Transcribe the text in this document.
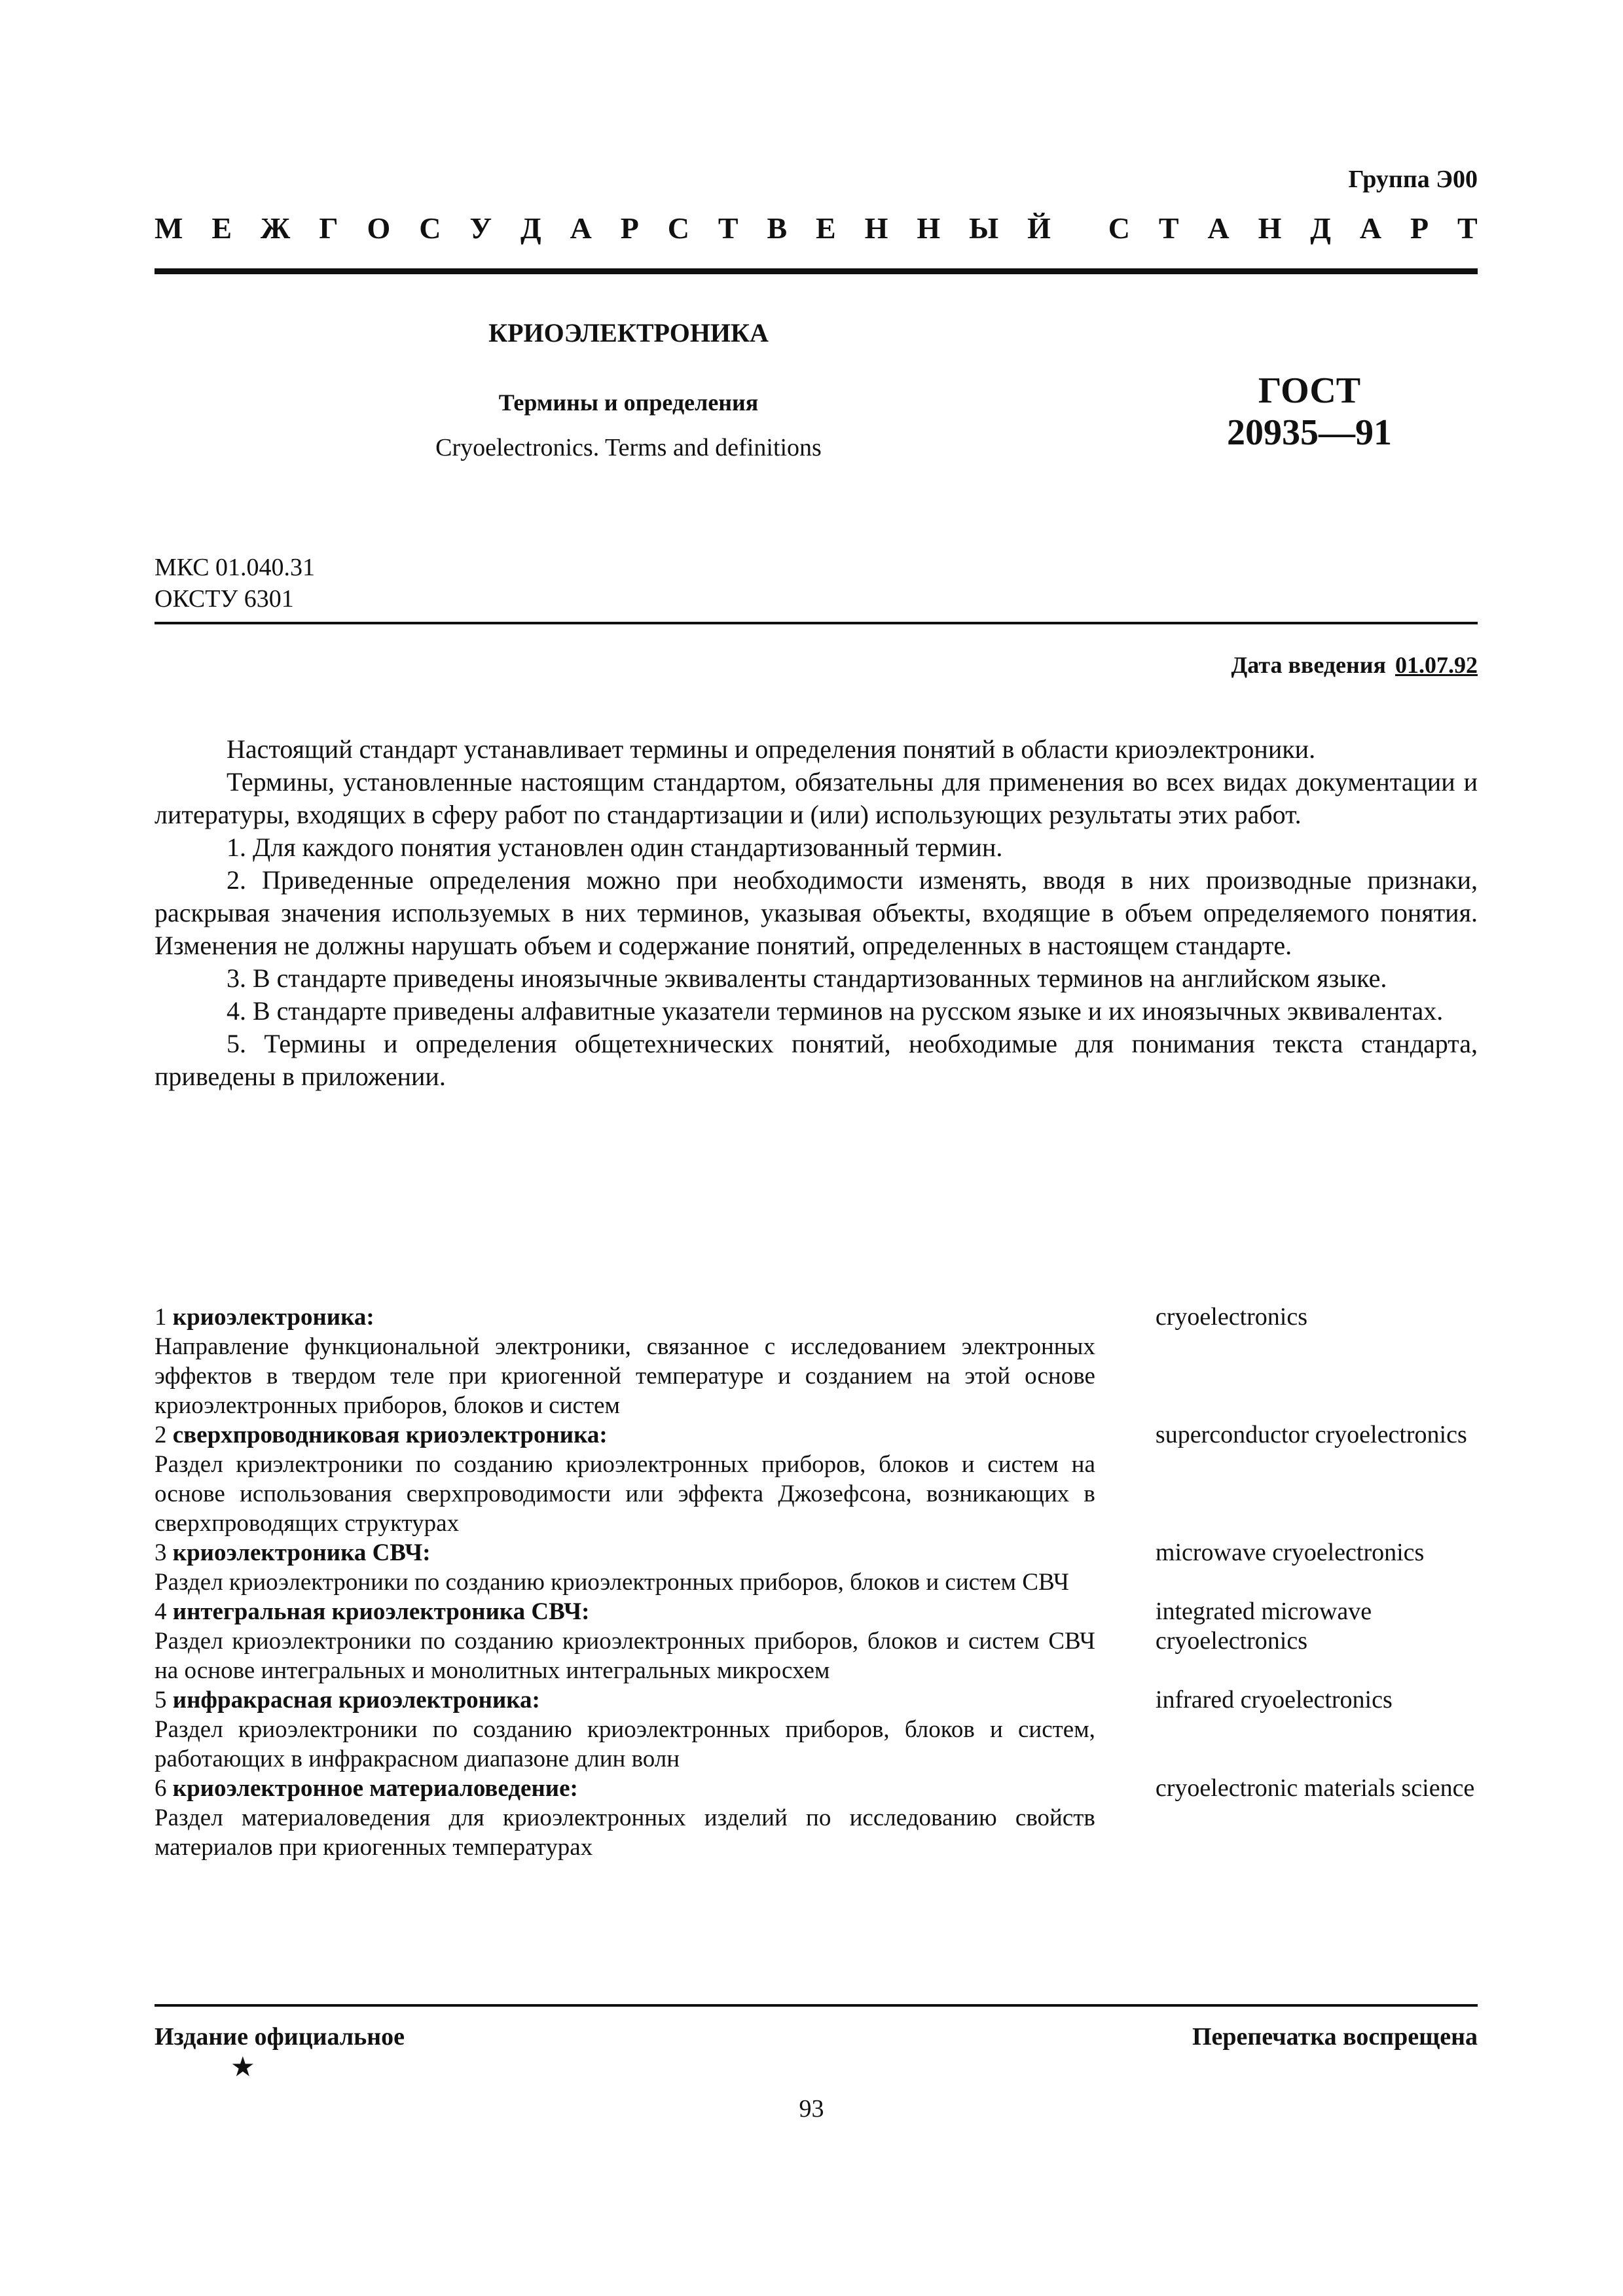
Группа Э00
М Е Ж Г О С У Д А Р С Т В Е Н Н Ы Й С Т А Н Д А Р Т

КРИОЭЛЕКТРОНИКА

Термины и определения

Cryoelectronics. Terms and definitions

ГОСТ
20935—91
МКС 01.040.31
ОКСТУ 6301
Дата введения 01.07.92

Настоящий стандарт устанавливает термины и определения понятий в области криоэлектроники.

Термины, установленные настоящим стандартом, обязательны для применения во всех видах документации и литературы, входящих в сферу работ по стандартизации и (или) использующих результаты этих работ.

1. Для каждого понятия установлен один стандартизованный термин.

2. Приведенные определения можно при необходимости изменять, вводя в них производные признаки, раскрывая значения используемых в них терминов, указывая объекты, входящие в объем определяемого понятия. Изменения не должны нарушать объем и содержание понятий, определенных в настоящем стандарте.

3. В стандарте приведены иноязычные эквиваленты стандартизованных терминов на английском языке.

4. В стандарте приведены алфавитные указатели терминов на русском языке и их иноязычных эквивалентах.

5. Термины и определения общетехнических понятий, необходимые для понимания текста стандарта, приведены в приложении.

1 криоэлектроника:
Направление функциональной электроники, связанное с исследованием электронных эффектов в твердом теле при криогенной температуре и созданием на этой основе криоэлектронных приборов, блоков и систем
cryoelectronics
2 сверхпроводниковая криоэлектроника:
Раздел криэлектроники по созданию криоэлектронных приборов, блоков и систем на основе использования сверхпроводимости или эффекта Джозефсона, возникающих в сверхпроводящих структурах
superconductor cryoelectronics
3 криоэлектроника СВЧ:
Раздел криоэлектроники по созданию криоэлектронных приборов, блоков и систем СВЧ
microwave cryoelectronics
4 интегральная криоэлектроника СВЧ:
Раздел криоэлектроники по созданию криоэлектронных приборов, блоков и систем СВЧ на основе интегральных и монолитных интегральных микросхем
integrated microwave cryoelectronics
5 инфракрасная криоэлектроника:
Раздел криоэлектроники по созданию криоэлектронных приборов, блоков и систем, работающих в инфракрасном диапазоне длин волн
infrared cryoelectronics
6 криоэлектронное материаловедение:
Раздел материаловедения для криоэлектронных изделий по исследованию свойств материалов при криогенных температурах
cryoelectronic materials science
Издание официальное	Перепечатка воспрещена
★
93
